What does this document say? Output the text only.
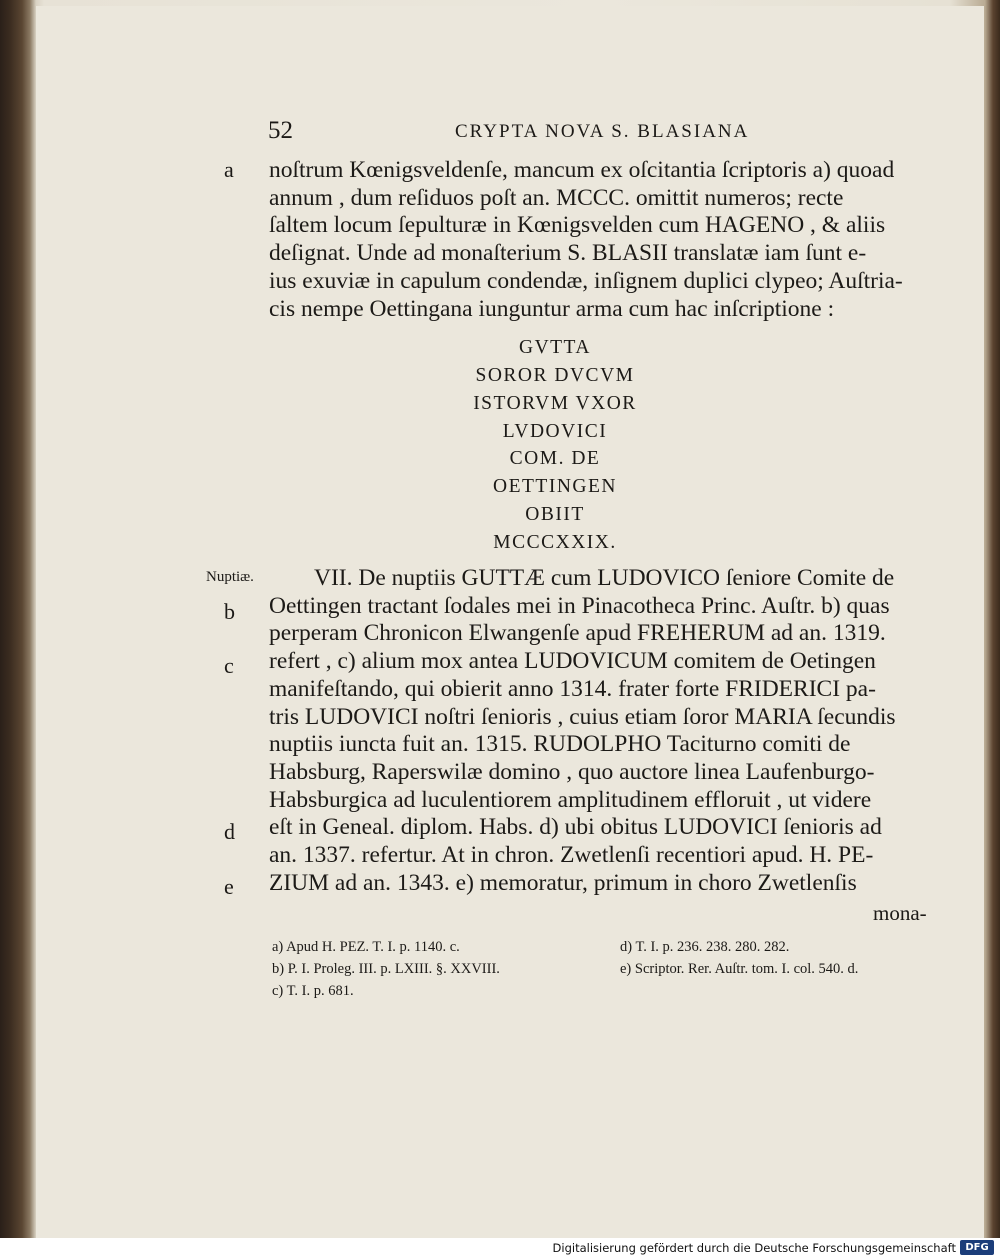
52	CRYPTA NOVA S. BLASIANA
a
Nuptiæ.
b
c
d
e
noſtrum Kœnigsveldenſe, mancum ex oſcitantia ſcriptoris a) quoad
annum , dum reſiduos poſt an. MCCC. omittit numeros; recte
ſaltem locum ſepulturæ in Kœnigsvelden cum HAGENO , & aliis
deſignat. Unde ad monaſterium S. BLASII translatæ iam ſunt e-
ius exuviæ in capulum condendæ, inſignem duplici clypeo; Auſtria-
cis nempe Oettingana iunguntur arma cum hac inſcriptione :
GVTTA
SOROR DVCVM
ISTORVM VXOR
LVDOVICI
COM. DE
OETTINGEN
OBIIT
MCCCXXIX.
VII. De nuptiis GUTTÆ cum LUDOVICO ſeniore Comite de
Oettingen tractant ſodales mei in Pinacotheca Princ. Auſtr. b) quas
perperam Chronicon Elwangenſe apud FREHERUM ad an. 1319.
refert , c) alium mox antea LUDOVICUM comitem de Oetingen
manifeſtando, qui obierit anno 1314. frater forte FRIDERICI pa-
tris LUDOVICI noſtri ſenioris , cuius etiam ſoror MARIA ſecundis
nuptiis iuncta fuit an. 1315. RUDOLPHO Taciturno comiti de
Habsburg, Raperswilæ domino , quo auctore linea Laufenburgo-
Habsburgica ad luculentiorem amplitudinem effloruit , ut videre
eſt in Geneal. diplom. Habs. d) ubi obitus LUDOVICI ſenioris ad
an. 1337. refertur. At in chron. Zwetlenſi recentiori apud. H. PE-
ZIUM ad an. 1343. e) memoratur, primum in choro Zwetlenſis
mona-
a) Apud H. PEZ. T. I. p. 1140. c.
b) P. I. Proleg. III. p. LXIII. §. XXVIII.
c) T. I. p. 681.
d) T. I. p. 236. 238. 280. 282.
e) Scriptor. Rer. Auſtr. tom. I. col. 540. d.
Digitalisierung gefördert durch die Deutsche Forschungsgemeinschaft DFG
